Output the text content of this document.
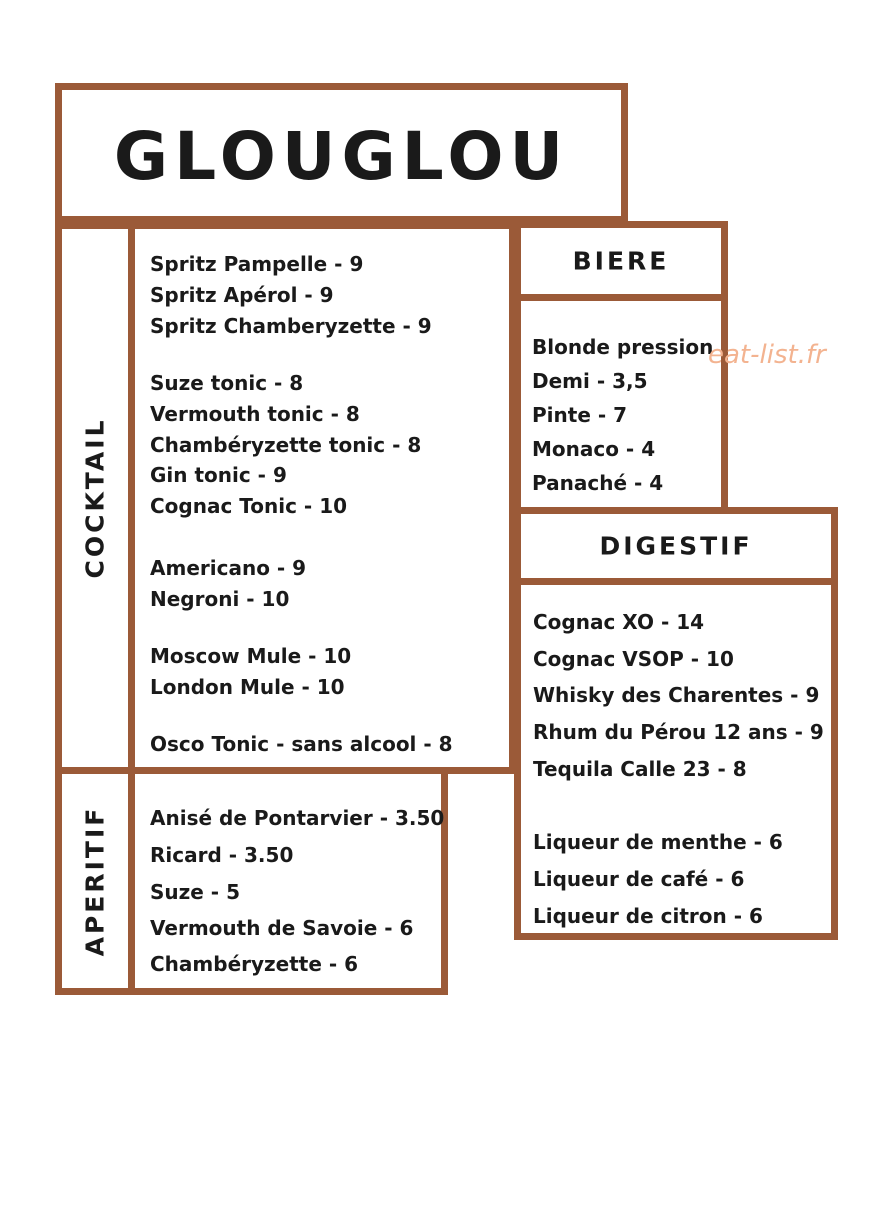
GLOUGLOU
COCKTAIL
Spritz Pampelle - 9
Spritz Apérol - 9
Spritz Chamberyzette - 9
Suze tonic - 8
Vermouth tonic - 8
Chambéryzette tonic - 8
Gin tonic - 9
Cognac Tonic - 10
Americano - 9
Negroni - 10
Moscow Mule - 10
London Mule - 10
Osco Tonic - sans alcool - 8
APERITIF Anisé de Pontarvier - 3.50
Ricard - 3.50
Suze - 5
Vermouth de Savoie - 6
Chambéryzette - 6
BIERE
Blonde pression
Demi - 3,5
Pinte - 7
Monaco - 4
Panaché - 4
DIGESTIF
Cognac XO - 14
Cognac VSOP - 10
Whisky des Charentes - 9
Rhum du Pérou 12 ans - 9
Tequila Calle 23 - 8
Liqueur de menthe - 6
Liqueur de café - 6
Liqueur de citron - 6
eat-list.fr
